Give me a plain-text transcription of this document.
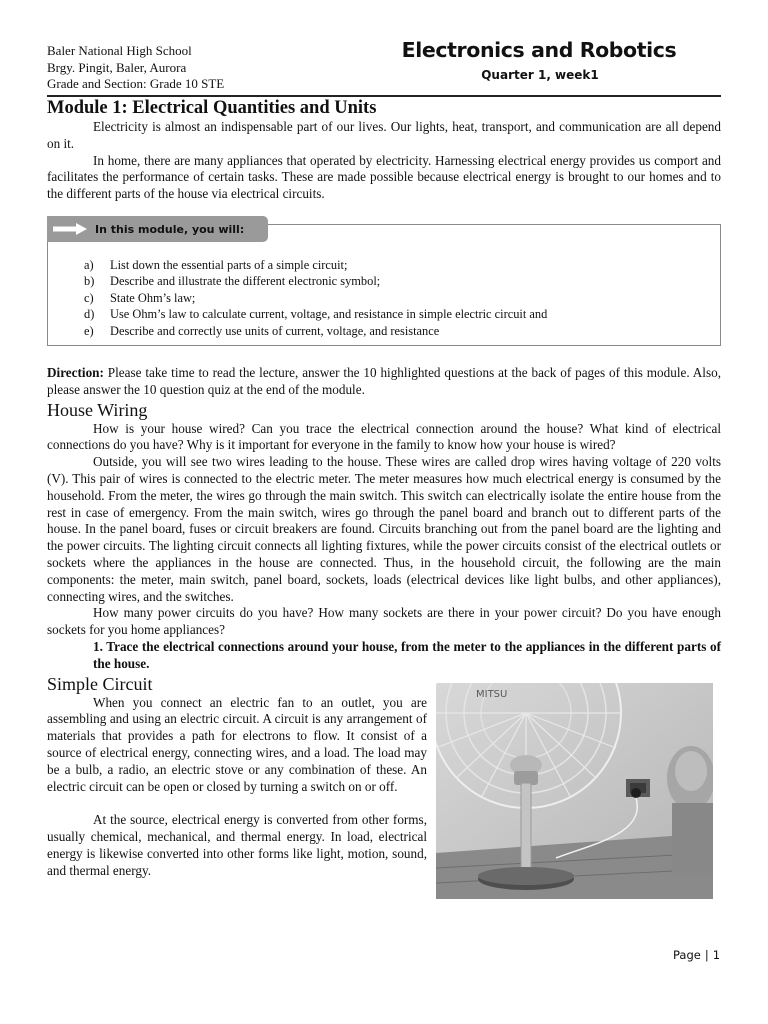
Baler National High School
Brgy. Pingit, Baler, Aurora
Grade and Section: Grade 10 STE
Electronics and Robotics
Quarter 1, week1
Module 1: Electrical Quantities and Units

Electricity is almost an indispensable part of our lives. Our lights, heat, transport, and communication are all depend on it.

In home, there are many appliances that operated by electricity. Harnessing electrical energy provides us comport and facilitates the performance of certain tasks. These are made possible because electrical energy is brought to our homes and to the different parts of the house via electrical circuits.

In this module, you will:
a)	List down the essential parts of a simple circuit;
b)	Describe and illustrate the different electronic symbol;
c)	State Ohm’s law;
d)	Use Ohm’s law to calculate current, voltage, and resistance in simple electric circuit and
e)	Describe and correctly use units of current, voltage, and resistance

Direction: Please take time to read the lecture, answer the 10 highlighted questions at the back of pages of this module. Also, please answer the 10 question quiz at the end of the module.

House Wiring

How is your house wired? Can you trace the electrical connection around the house? What kind of electrical connections do you have? Why is it important for everyone in the family to know how your house is wired?

Outside, you will see two wires leading to the house. These wires are called drop wires having voltage of 220 volts (V). This pair of wires is connected to the electric meter. The meter measures how much electrical energy is consumed by the household. From the meter, the wires go through the main switch. This switch can electrically isolate the entire house from the rest in case of emergency. From the main switch, wires go through the panel board and branch out to different parts of the house. In the panel board, fuses or circuit breakers are found. Circuits branching out from the panel board are the lighting and the power circuits. The lighting circuit connects all lighting fixtures, while the power circuits consist of the electrical outlets or sockets where the appliances in the house are connected. Thus, in the household circuit, the following are the main components: the meter, main switch, panel board, sockets, loads (electrical devices like light bulbs, and other appliances), connecting wires, and the switches.

How many power circuits do you have? How many sockets are there in your power circuit? Do you have enough sockets for you home appliances?

1. Trace the electrical connections around your house, from the meter to the appliances in the different parts of the house.

Simple Circuit

When you connect an electric fan to an outlet, you are assembling and using an electric circuit. A circuit is any arrangement of materials that provides a path for electrons to flow. It consist of a source of electrical energy, connecting wires, and a load. The load may be a bulb, a radio, an electric stove or any combination of these. An electric circuit can be open or closed by turning a switch on or off.

At the source, electrical energy is converted from other forms, usually chemical, mechanical, and thermal energy. In load, electrical energy is likewise converted into other forms like light, motion, sound, and thermal energy.

MITSU
Page | 1
